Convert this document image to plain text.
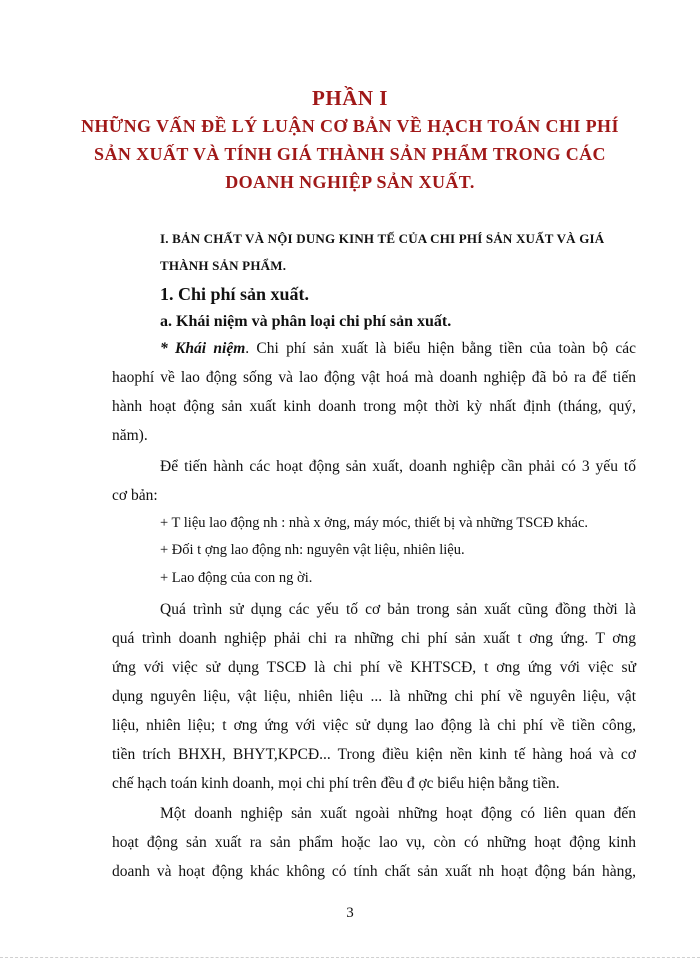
PHẦN I
NHỮNG VẤN ĐỀ LÝ LUẬN CƠ BẢN VỀ HẠCH TOÁN CHI PHÍ
SẢN XUẤT VÀ TÍNH GIÁ THÀNH SẢN PHẨM TRONG CÁC
DOANH NGHIỆP SẢN XUẤT.
I. BẢN CHẤT VÀ NỘI DUNG KINH TẾ CỦA CHI PHÍ SẢN XUẤT VÀ GIÁ
THÀNH SẢN PHẨM.
1. Chi phí sản xuất.
a. Khái niệm và phân loại chi phí sản xuất.
* Khái niệm. Chi phí sản xuất là biểu hiện bằng tiền của toàn bộ các
haophí về lao động sống và lao động vật hoá mà doanh nghiệp đã bỏ ra để tiến
hành hoạt động sản xuất kinh doanh trong một thời kỳ nhất định (tháng, quý,
năm).
Để tiến hành các hoạt động sản xuất, doanh nghiệp cần phải có 3 yếu tố
cơ bản:
+ T liệu lao động nh : nhà x ởng, máy móc, thiết bị và những TSCĐ khác.
+ Đối t ợng lao động nh: nguyên vật liệu, nhiên liệu.
+ Lao động của con ng ời.
Quá trình sử dụng các yếu tố cơ bản trong sản xuất cũng đồng thời là
quá trình doanh nghiệp phải chi ra những chi phí sản xuất t ơng ứng. T ơng
ứng với việc sử dụng TSCĐ là chi phí về KHTSCĐ, t ơng ứng với việc sử
dụng nguyên liệu, vật liệu, nhiên liệu ... là những chi phí về nguyên liệu, vật
liệu, nhiên liệu; t ơng ứng với việc sử dụng lao động là chi phí về tiền công,
tiền trích BHXH, BHYT,KPCĐ... Trong điều kiện nền kinh tế hàng hoá và cơ
chế hạch toán kinh doanh, mọi chi phí trên đều đ ợc biểu hiện bằng tiền.
Một doanh nghiệp sản xuất ngoài những hoạt động có liên quan đến
hoạt động sản xuất ra sản phẩm hoặc lao vụ, còn có những hoạt động kinh
doanh và hoạt động khác không có tính chất sản xuất nh hoạt động bán hàng,
3
